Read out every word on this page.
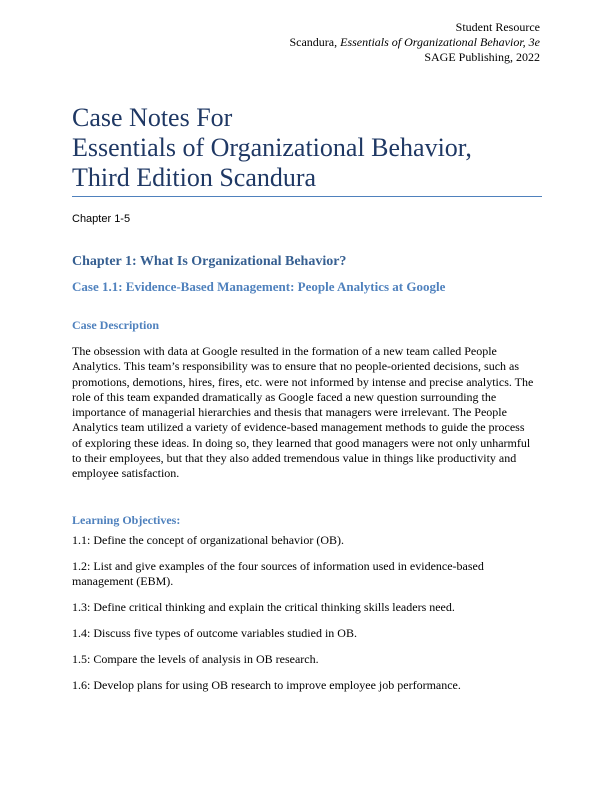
Student Resource
Scandura, Essentials of Organizational Behavior, 3e
SAGE Publishing, 2022
Case Notes For
Essentials of Organizational Behavior,
Third Edition Scandura
Chapter 1-5
Chapter 1: What Is Organizational Behavior?
Case 1.1: Evidence-Based Management: People Analytics at Google
Case Description
The obsession with data at Google resulted in the formation of a new team called People Analytics. This team’s responsibility was to ensure that no people-oriented decisions, such as promotions, demotions, hires, fires, etc. were not informed by intense and precise analytics. The role of this team expanded dramatically as Google faced a new question surrounding the importance of managerial hierarchies and thesis that managers were irrelevant. The People Analytics team utilized a variety of evidence-based management methods to guide the process of exploring these ideas. In doing so, they learned that good managers were not only unharmful to their employees, but that they also added tremendous value in things like productivity and employee satisfaction.
Learning Objectives:
1.1: Define the concept of organizational behavior (OB).
1.2: List and give examples of the four sources of information used in evidence-based management (EBM).
1.3: Define critical thinking and explain the critical thinking skills leaders need.
1.4: Discuss five types of outcome variables studied in OB.
1.5: Compare the levels of analysis in OB research.
1.6: Develop plans for using OB research to improve employee job performance.
